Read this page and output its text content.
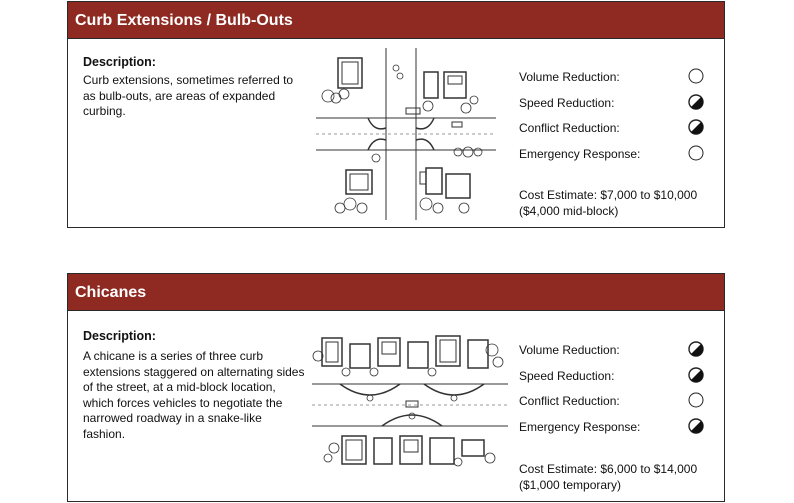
Curb Extensions / Bulb-Outs
Description:
Curb extensions, sometimes referred to as bulb-outs, are areas of expanded curbing.
Volume Reduction:
Speed Reduction:
Conflict Reduction:
Emergency Response:
Cost Estimate: $7,000 to $10,000
($4,000 mid-block)
Chicanes
Description:
A chicane is a series of three curb extensions staggered on alternating sides of the street, at a mid-block location, which forces vehicles to negotiate the narrowed roadway in a snake-like fashion.
Volume Reduction:
Speed Reduction:
Conflict Reduction:
Emergency Response:
Cost Estimate: $6,000 to $14,000
($1,000 temporary)
